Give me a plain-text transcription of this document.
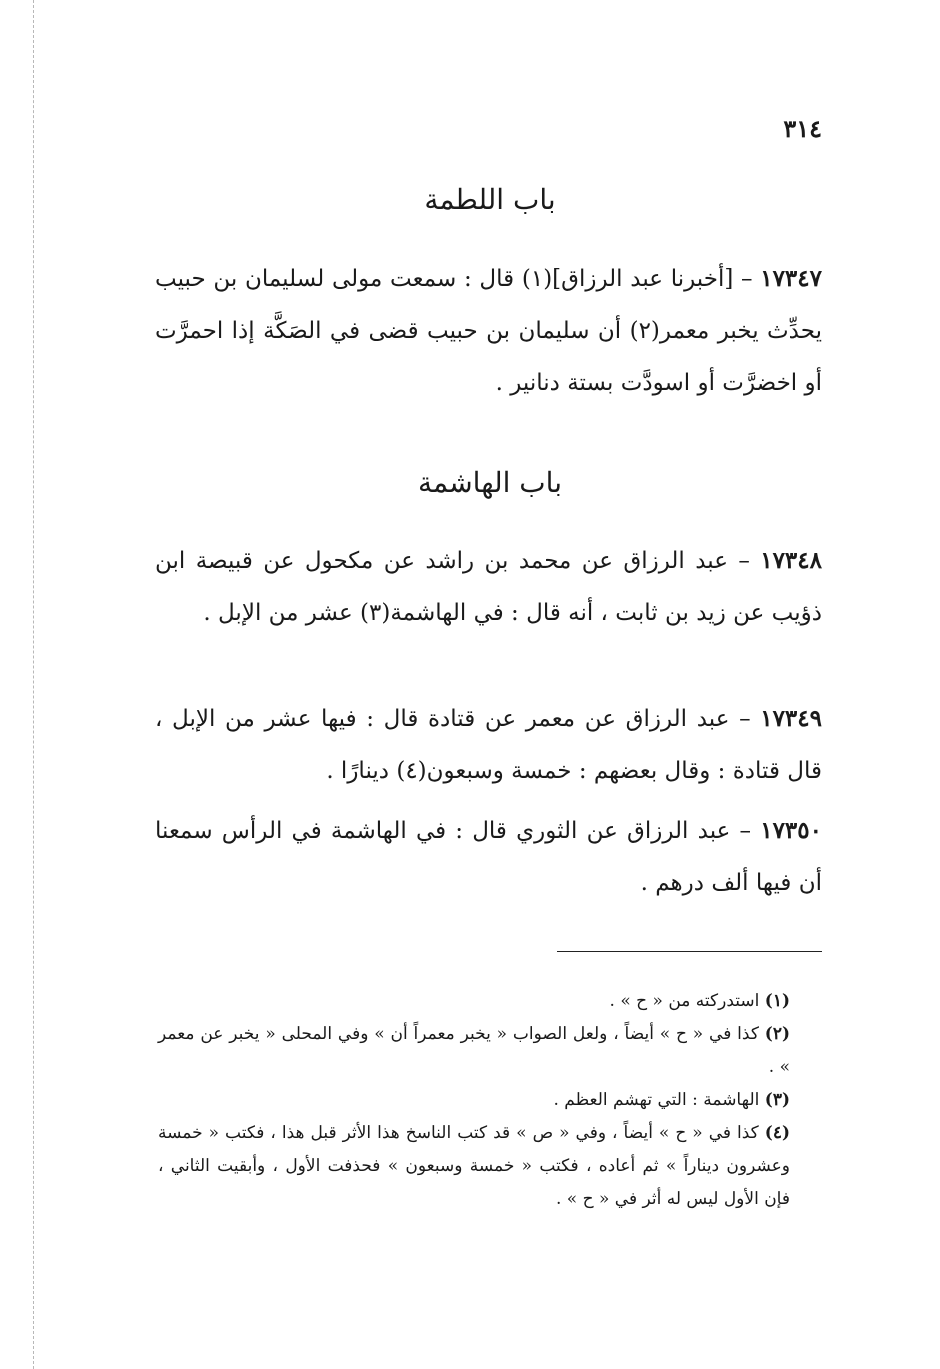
٣١٤
باب اللطمة
١٧٣٤٧ – [أخبرنا عبد الرزاق](١) قال : سمعت مولى لسليمان بن حبيب يحدِّث يخبر معمر(٢) أن سليمان بن حبيب قضى في الصَكَّة إذا احمرَّت أو اخضرَّت أو اسودَّت بستة دنانير .
باب الهاشمة
١٧٣٤٨ – عبد الرزاق عن محمد بن راشد عن مكحول عن قبيصة ابن ذؤيب عن زيد بن ثابت ، أنه قال : في الهاشمة(٣) عشر من الإبل .
١٧٣٤٩ – عبد الرزاق عن معمر عن قتادة قال : فيها عشر من الإبل ، قال قتادة : وقال بعضهم : خمسة وسبعون(٤) دينارًا .
١٧٣٥٠ – عبد الرزاق عن الثوري قال : في الهاشمة في الرأس سمعنا أن فيها ألف درهم .
(١) استدركته من « ح » .
(٢) كذا في « ح » أيضاً ، ولعل الصواب « يخبر معمراً أن » وفي المحلى « يخبر عن معمر » .
(٣) الهاشمة : التي تهشم العظم .
(٤) كذا في « ح » أيضاً ، وفي « ص » قد كتب الناسخ هذا الأثر قبل هذا ، فكتب « خمسة وعشرون ديناراً » ثم أعاده ، فكتب « خمسة وسبعون » فحذفت الأول ، وأبقيت الثاني ، فإن الأول ليس له أثر في « ح » .
